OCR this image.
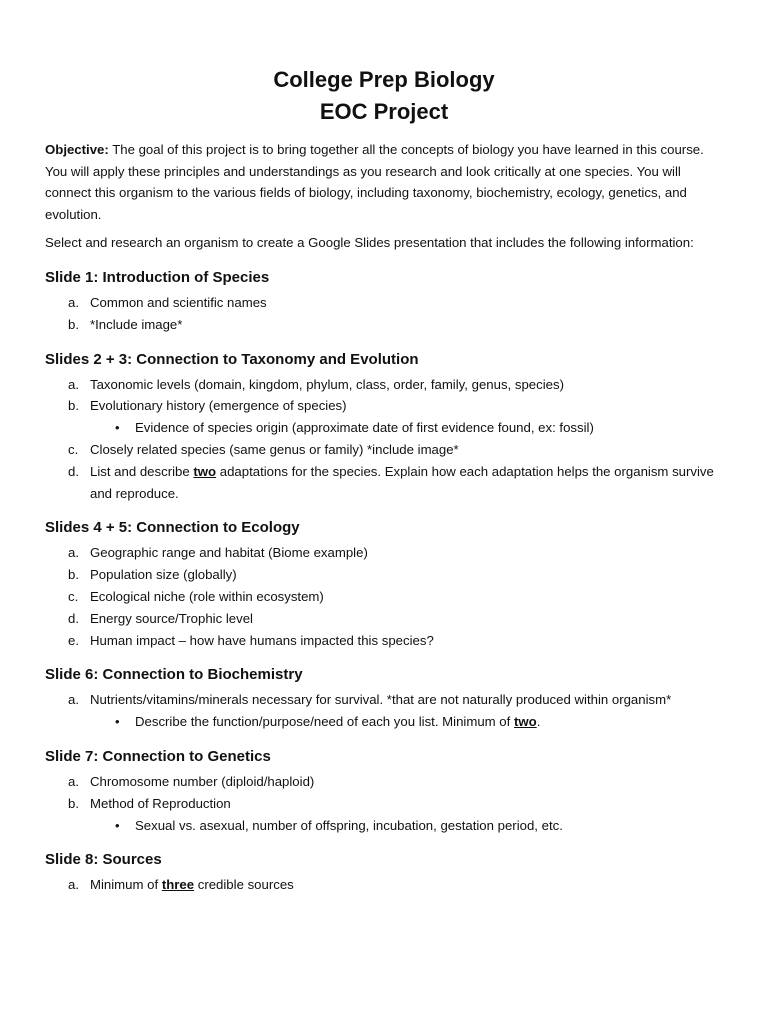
College Prep Biology
EOC Project

Objective: The goal of this project is to bring together all the concepts of biology you have learned in this course. You will apply these principles and understandings as you research and look critically at one species. You will connect this organism to the various fields of biology, including taxonomy, biochemistry, ecology, genetics, and evolution.

Select and research an organism to create a Google Slides presentation that includes the following information:

Slide 1: Introduction of Species
a. Common and scientific names
b. *Include image*
Slides 2 + 3: Connection to Taxonomy and Evolution
a. Taxonomic levels (domain, kingdom, phylum, class, order, family, genus, species)
b. Evolutionary history (emergence of species)
• Evidence of species origin (approximate date of first evidence found, ex: fossil)
c. Closely related species (same genus or family) *include image*
d. List and describe two adaptations for the species. Explain how each adaptation helps the organism survive and reproduce.
Slides 4 + 5: Connection to Ecology
a. Geographic range and habitat (Biome example)
b. Population size (globally)
c. Ecological niche (role within ecosystem)
d. Energy source/Trophic level
e. Human impact – how have humans impacted this species?
Slide 6: Connection to Biochemistry
a. Nutrients/vitamins/minerals necessary for survival. *that are not naturally produced within organism*
• Describe the function/purpose/need of each you list. Minimum of two.
Slide 7: Connection to Genetics
a. Chromosome number (diploid/haploid)
b. Method of Reproduction
• Sexual vs. asexual, number of offspring, incubation, gestation period, etc.
Slide 8: Sources
a. Minimum of three credible sources
